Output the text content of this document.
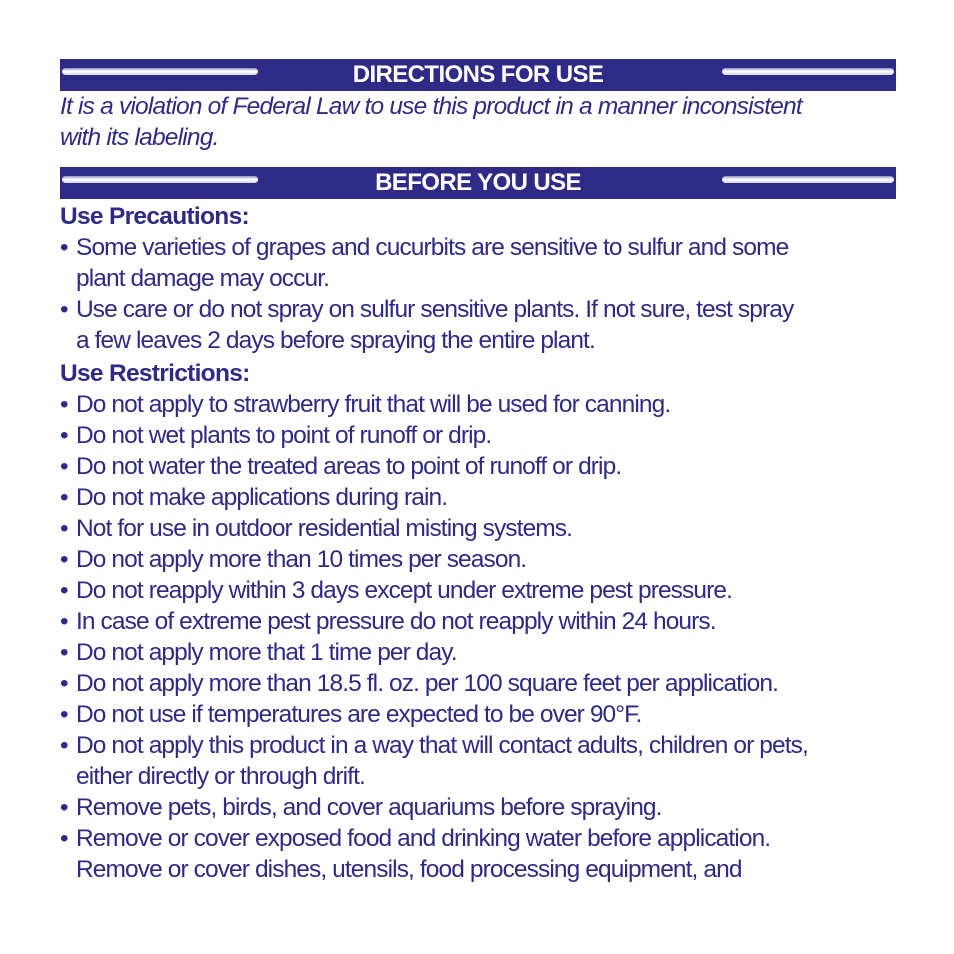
DIRECTIONS FOR USE
It is a violation of Federal Law to use this product in a manner inconsistent
with its labeling.
BEFORE YOU USE
Use Precautions:
• Some varieties of grapes and cucurbits are sensitive to sulfur and some
plant damage may occur.
• Use care or do not spray on sulfur sensitive plants. If not sure, test spray
a few leaves 2 days before spraying the entire plant.
Use Restrictions:
• Do not apply to strawberry fruit that will be used for canning.
• Do not wet plants to point of runoff or drip.
• Do not water the treated areas to point of runoff or drip.
• Do not make applications during rain.
• Not for use in outdoor residential misting systems.
• Do not apply more than 10 times per season.
• Do not reapply within 3 days except under extreme pest pressure.
• In case of extreme pest pressure do not reapply within 24 hours.
• Do not apply more that 1 time per day.
• Do not apply more than 18.5 fl. oz. per 100 square feet per application.
• Do not use if temperatures are expected to be over 90°F.
• Do not apply this product in a way that will contact adults, children or pets,
either directly or through drift.
• Remove pets, birds, and cover aquariums before spraying.
• Remove or cover exposed food and drinking water before application.
Remove or cover dishes, utensils, food processing equipment, and
